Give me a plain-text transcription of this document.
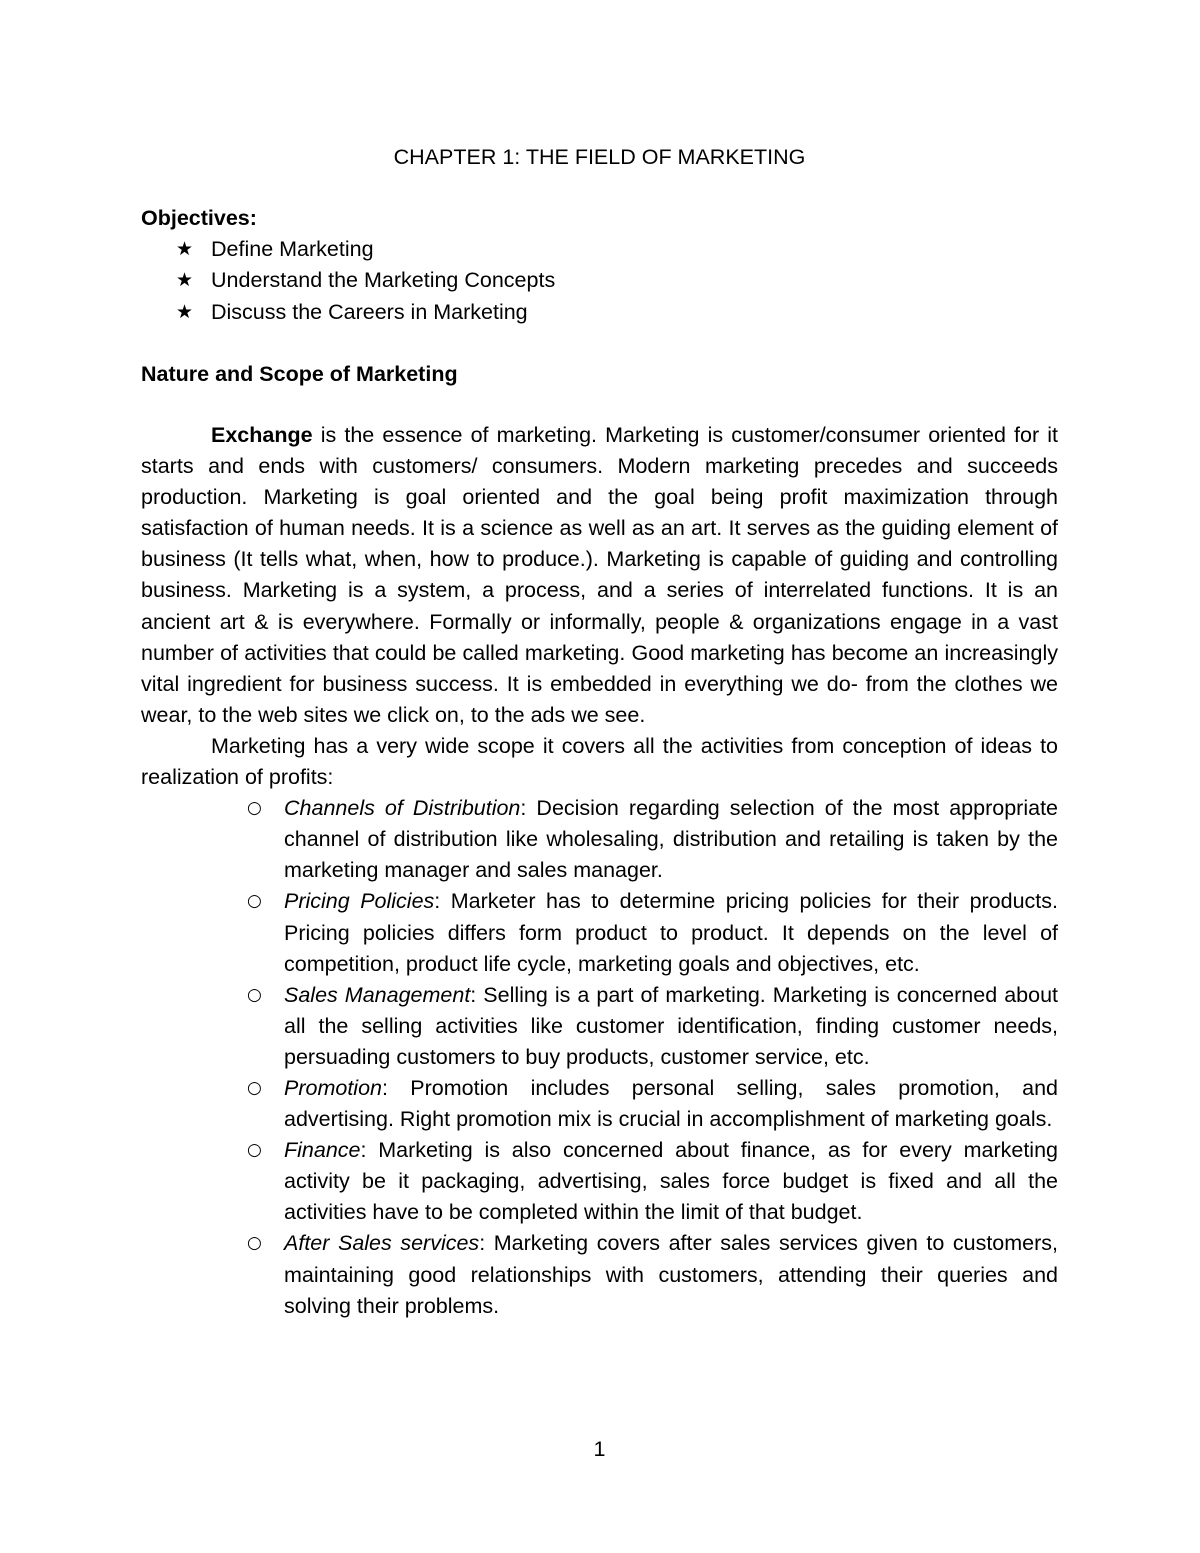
CHAPTER 1: THE FIELD OF MARKETING
Objectives:
★ Define Marketing
★ Understand the Marketing Concepts
★ Discuss the Careers in Marketing
Nature and Scope of Marketing

Exchange is the essence of marketing. Marketing is customer/consumer oriented for it starts and ends with customers/ consumers. Modern marketing precedes and succeeds production. Marketing is goal oriented and the goal being profit maximization through satisfaction of human needs. It is a science as well as an art. It serves as the guiding element of business (It tells what, when, how to produce.). Marketing is capable of guiding and controlling business. Marketing is a system, a process, and a series of interrelated functions. It is an ancient art & is everywhere. Formally or informally, people & organizations engage in a vast number of activities that could be called marketing. Good marketing has become an increasingly vital ingredient for business success. It is embedded in everything we do- from the clothes we wear, to the web sites we click on, to the ads we see.

Marketing has a very wide scope it covers all the activities from conception of ideas to realization of profits:

○ Channels of Distribution: Decision regarding selection of the most appropriate channel of distribution like wholesaling, distribution and retailing is taken by the marketing manager and sales manager.
○ Pricing Policies: Marketer has to determine pricing policies for their products. Pricing policies differs form product to product. It depends on the level of competition, product life cycle, marketing goals and objectives, etc.
○ Sales Management: Selling is a part of marketing. Marketing is concerned about all the selling activities like customer identification, finding customer needs, persuading customers to buy products, customer service, etc.
○ Promotion: Promotion includes personal selling, sales promotion, and advertising. Right promotion mix is crucial in accomplishment of marketing goals.
○ Finance: Marketing is also concerned about finance, as for every marketing activity be it packaging, advertising, sales force budget is fixed and all the activities have to be completed within the limit of that budget.
○ After Sales services: Marketing covers after sales services given to customers, maintaining good relationships with customers, attending their queries and solving their problems.
1
